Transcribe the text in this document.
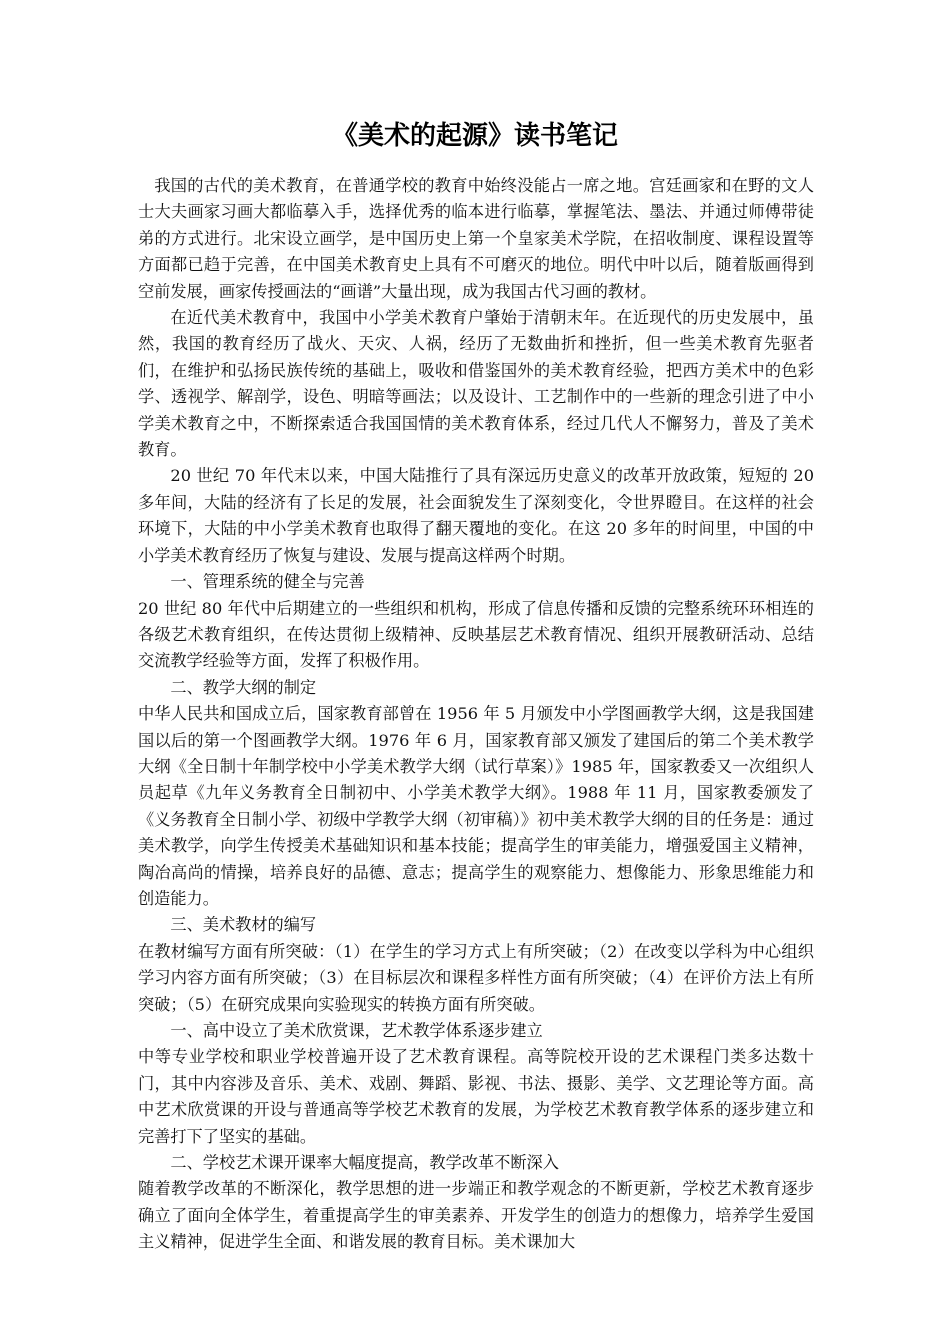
《美术的起源》读书笔记

我国的古代的美术教育，在普通学校的教育中始终没能占一席之地。宫廷画家和在野的文人士大夫画家习画大都临摹入手，选择优秀的临本进行临摹，掌握笔法、墨法、并通过师傅带徒弟的方式进行。北宋设立画学，是中国历史上第一个皇家美术学院，在招收制度、课程设置等方面都已趋于完善，在中国美术教育史上具有不可磨灭的地位。明代中叶以后，随着版画得到空前发展，画家传授画法的“画谱”大量出现，成为我国古代习画的教材。

在近代美术教育中，我国中小学美术教育户肇始于清朝末年。在近现代的历史发展中，虽然，我国的教育经历了战火、天灾、人祸，经历了无数曲折和挫折，但一些美术教育先驱者们，在维护和弘扬民族传统的基础上，吸收和借鉴国外的美术教育经验，把西方美术中的色彩学、透视学、解剖学，设色、明暗等画法；以及设计、工艺制作中的一些新的理念引进了中小学美术教育之中，不断探索适合我国国情的美术教育体系，经过几代人不懈努力，普及了美术教育。

20 世纪 70 年代末以来，中国大陆推行了具有深远历史意义的改革开放政策，短短的 20 多年间，大陆的经济有了长足的发展，社会面貌发生了深刻变化，令世界瞪目。在这样的社会环境下，大陆的中小学美术教育也取得了翻天覆地的变化。在这 20 多年的时间里，中国的中小学美术教育经历了恢复与建设、发展与提高这样两个时期。

一、管理系统的健全与完善

20 世纪 80 年代中后期建立的一些组织和机构，形成了信息传播和反馈的完整系统环环相连的各级艺术教育组织，在传达贯彻上级精神、反映基层艺术教育情况、组织开展教研活动、总结交流教学经验等方面，发挥了积极作用。

二、教学大纲的制定

中华人民共和国成立后，国家教育部曾在 1956 年 5 月颁发中小学图画教学大纲，这是我国建国以后的第一个图画教学大纲。1976 年 6 月，国家教育部又颁发了建国后的第二个美术教学大纲《全日制十年制学校中小学美术教学大纲（试行草案）》1985 年，国家教委又一次组织人员起草《九年义务教育全日制初中、小学美术教学大纲》。1988 年 11 月，国家教委颁发了《义务教育全日制小学、初级中学教学大纲（初审稿）》初中美术教学大纲的目的任务是：通过美术教学，向学生传授美术基础知识和基本技能；提高学生的审美能力，增强爱国主义精神，陶冶高尚的情操，培养良好的品德、意志；提高学生的观察能力、想像能力、形象思维能力和创造能力。

三、美术教材的编写

在教材编写方面有所突破：（1）在学生的学习方式上有所突破；（2）在改变以学科为中心组织学习内容方面有所突破；（3）在目标层次和课程多样性方面有所突破；（4）在评价方法上有所突破；（5）在研究成果向实验现实的转换方面有所突破。

一、高中设立了美术欣赏课，艺术教学体系逐步建立

中等专业学校和职业学校普遍开设了艺术教育课程。高等院校开设的艺术课程门类多达数十门，其中内容涉及音乐、美术、戏剧、舞蹈、影视、书法、摄影、美学、文艺理论等方面。高中艺术欣赏课的开设与普通高等学校艺术教育的发展，为学校艺术教育教学体系的逐步建立和完善打下了坚实的基础。

二、学校艺术课开课率大幅度提高，教学改革不断深入

随着教学改革的不断深化，教学思想的进一步端正和教学观念的不断更新，学校艺术教育逐步确立了面向全体学生，着重提高学生的审美素养、开发学生的创造力的想像力，培养学生爱国主义精神，促进学生全面、和谐发展的教育目标。美术课加大
